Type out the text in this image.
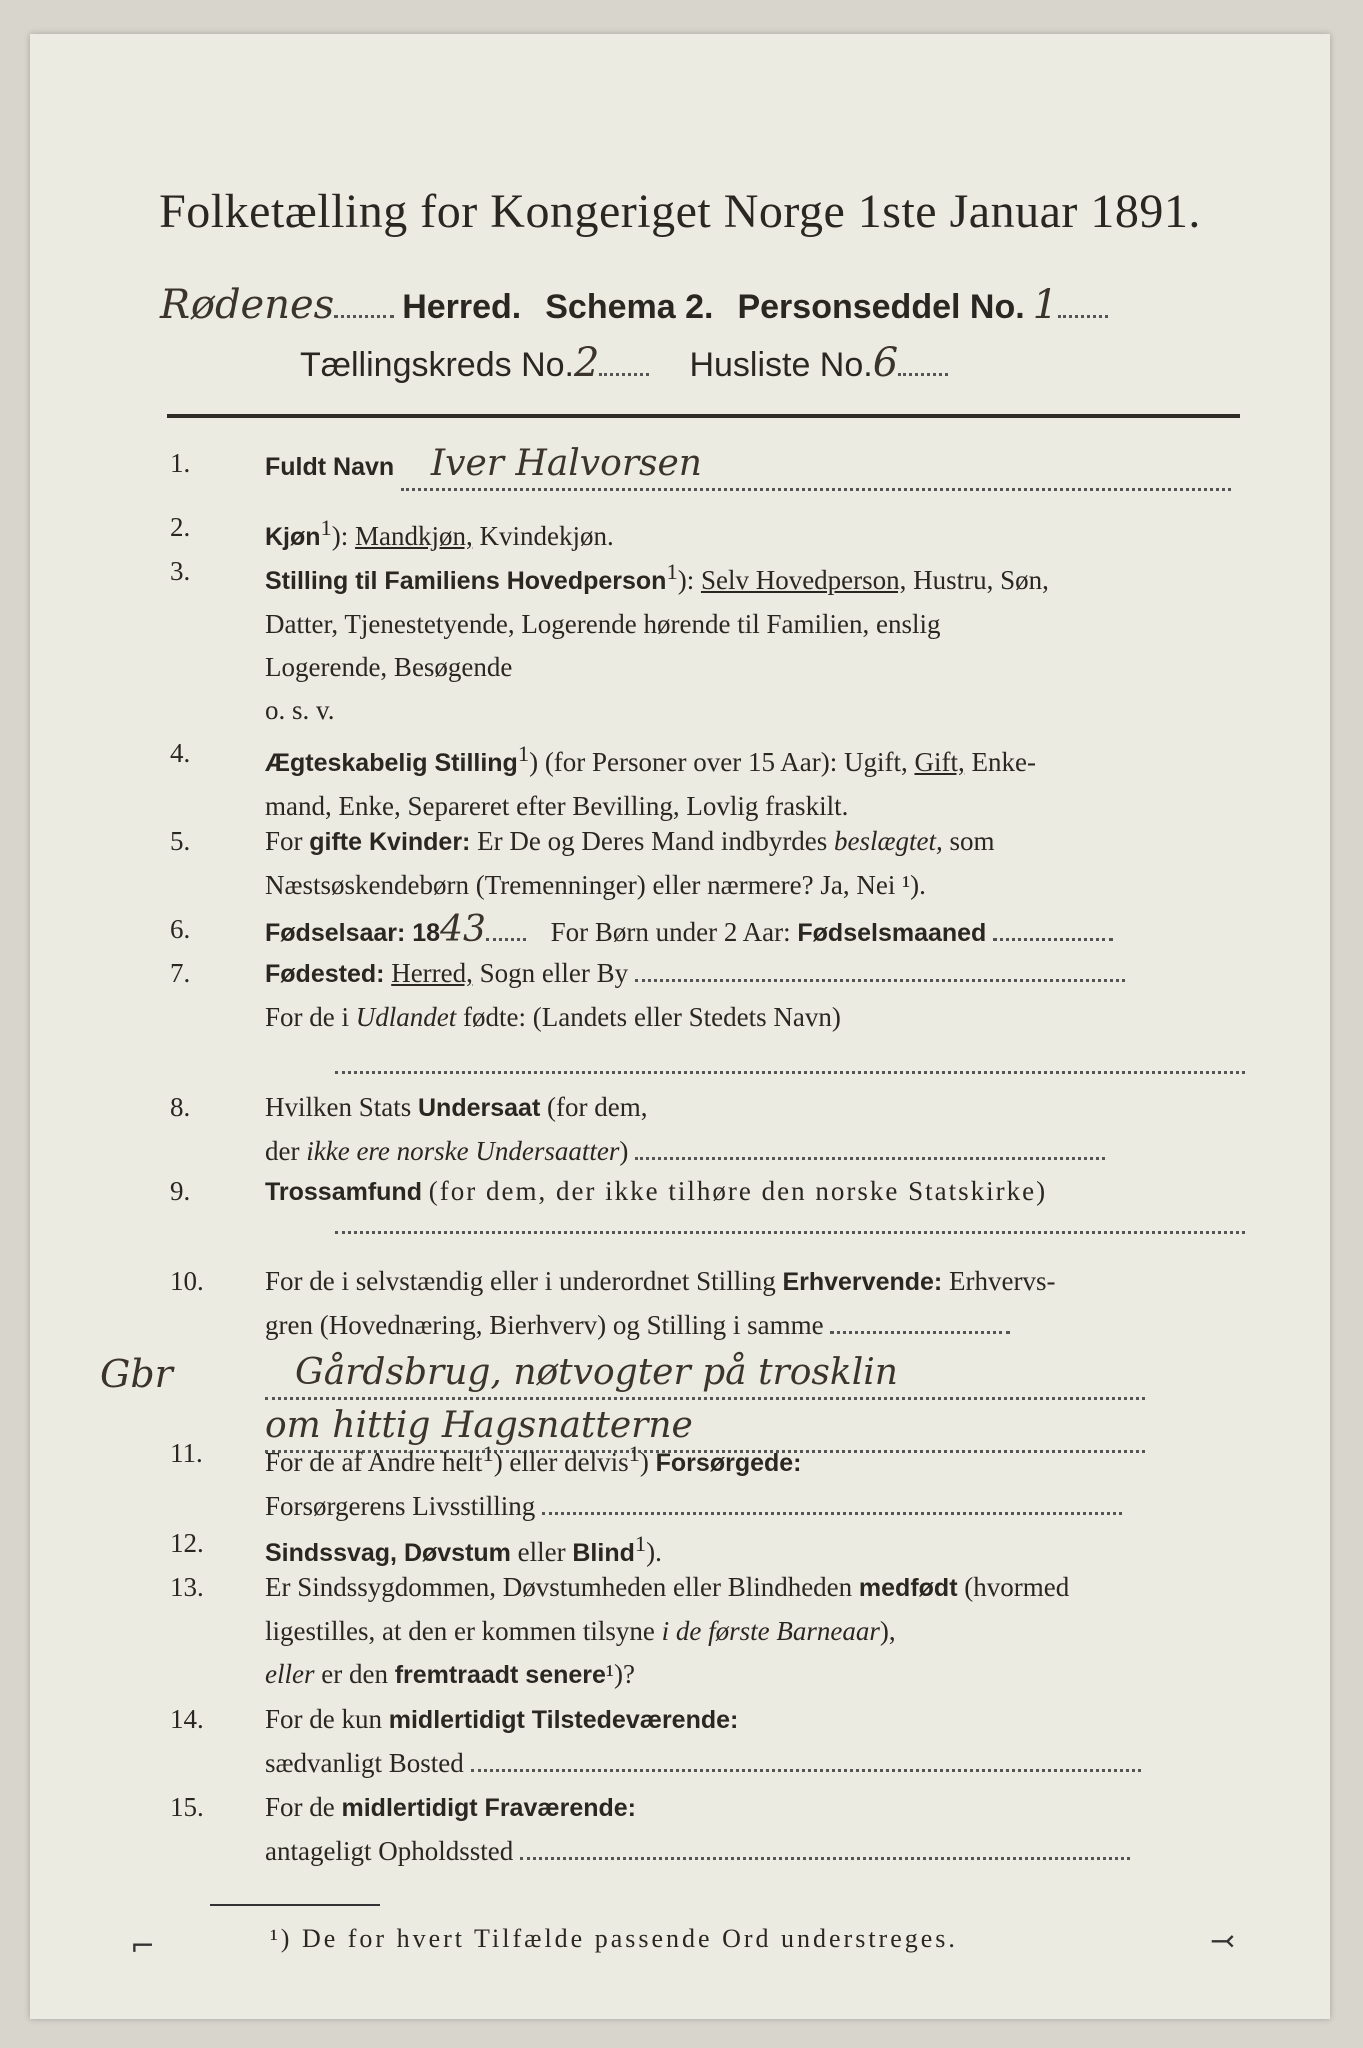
Folketælling for Kongeriget Norge 1ste Januar 1891.
Rødenes Herred. Schema 2. Personseddel No. 1
Tællingskreds No. 2	Husliste No. 6
1.	Fuldt Navn Iver Halvorsen
2.	Kjøn$^1$): Mandkjøn, Kvindekjøn.
3.	Stilling til Familiens Hovedperson$^1$): Selv Hovedperson, Hustru, Søn,
Datter, Tjenestetyende, Logerende hørende til Familien, enslig
Logerende, Besøgende
o. s. v.
4.	Ægteskabelig Stilling$^1$) (for Personer over 15 Aar): Ugift, Gift, Enke-
mand, Enke, Separeret efter Bevilling, Lovlig fraskilt.
5.	For gifte Kvinder: Er De og Deres Mand indbyrdes beslægtet, som
Næstsøskendebørn (Tremenninger) eller nærmere? Ja, Nei ¹).
6.	Fødselsaar: 1843 For Børn under 2 Aar: Fødselsmaaned
7.	Fødested: Herred, Sogn eller By
For de i Udlandet fødte: (Landets eller Stedets Navn)
8.	Hvilken Stats Undersaat (for dem,
der ikke ere norske Undersaatter)
9.	Trossamfund (for dem, der ikke tilhøre den norske Statskirke)
10.	For de i selvstændig eller i underordnet Stilling Erhvervende: Erhvervs-
gren (Hovednæring, Bierhverv) og Stilling i samme
Gårdsbrug, nøtvogter på trosklin
om hittig Hagsnatterne
Gbr
11.	For de af Andre helt$^1$) eller delvis$^1$) Forsørgede:
Forsørgerens Livsstilling
12.	Sindssvag, Døvstum eller Blind$^1$).
13.	Er Sindssygdommen, Døvstumheden eller Blindheden medfødt (hvormed
ligestilles, at den er kommen tilsyne i de første Barneaar),
eller er den fremtraadt senere¹)?
14.	For de kun midlertidigt Tilstedeværende:
sædvanligt Bosted
15.	For de midlertidigt Fraværende:
antageligt Opholdssted
¹) De for hvert Tilfælde passende Ord understreges.
⌐	⤙
